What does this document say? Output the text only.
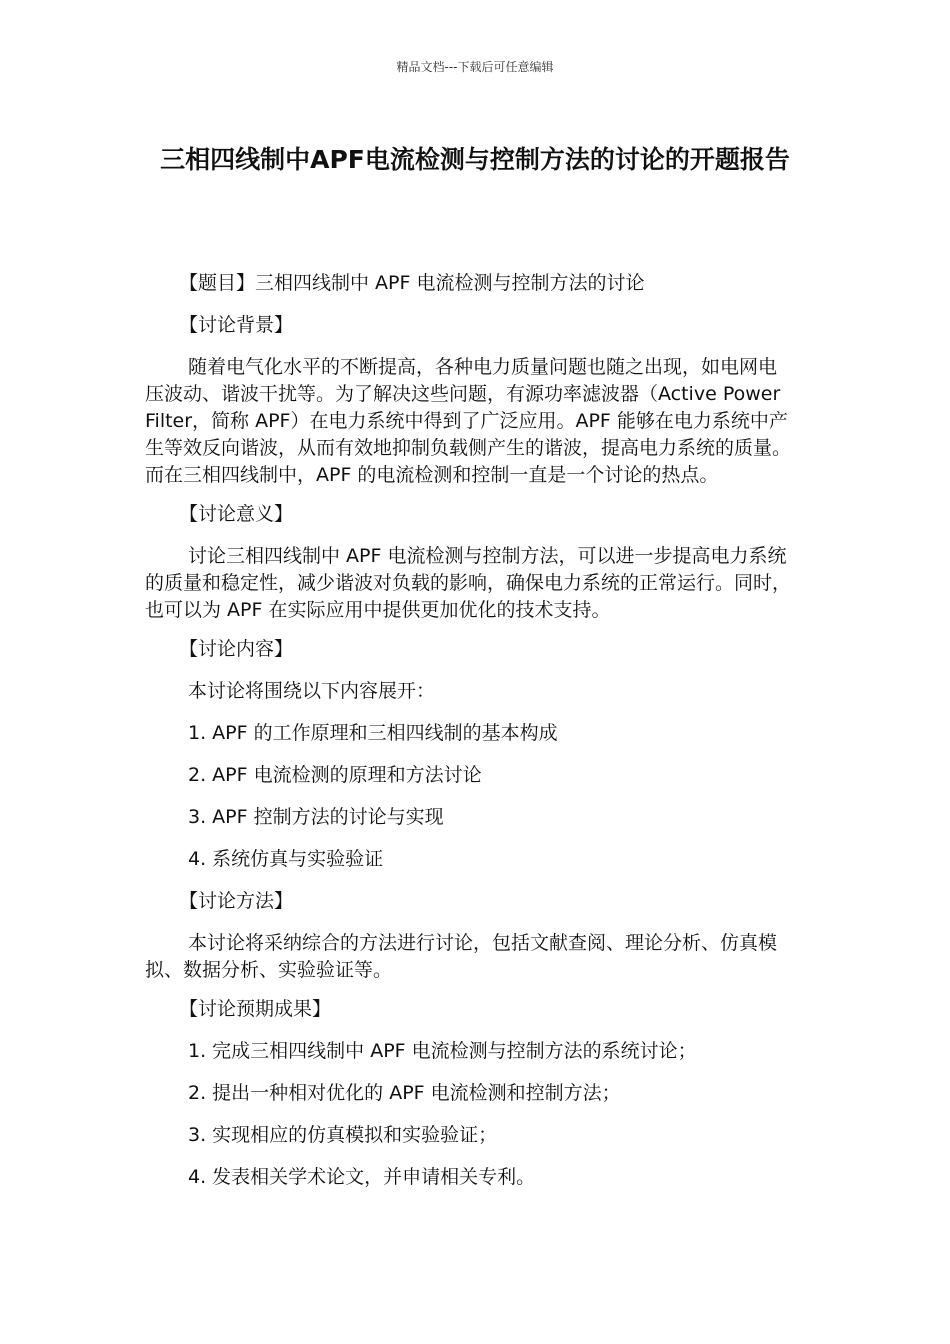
精品文档---下载后可任意编辑
三相四线制中APF电流检测与控制方法的讨论的开题报告

【题目】三相四线制中 APF 电流检测与控制方法的讨论

【讨论背景】

随着电气化水平的不断提高，各种电力质量问题也随之出现，如电网电压波动、谐波干扰等。为了解决这些问题，有源功率滤波器（Active Power Filter，简称 APF）在电力系统中得到了广泛应用。APF 能够在电力系统中产生等效反向谐波，从而有效地抑制负载侧产生的谐波，提高电力系统的质量。而在三相四线制中，APF 的电流检测和控制一直是一个讨论的热点。

【讨论意义】

讨论三相四线制中 APF 电流检测与控制方法，可以进一步提高电力系统的质量和稳定性，减少谐波对负载的影响，确保电力系统的正常运行。同时，也可以为 APF 在实际应用中提供更加优化的技术支持。

【讨论内容】

本讨论将围绕以下内容展开：

1. APF 的工作原理和三相四线制的基本构成

2. APF 电流检测的原理和方法讨论

3. APF 控制方法的讨论与实现

4. 系统仿真与实验验证

【讨论方法】

本讨论将采纳综合的方法进行讨论，包括文献查阅、理论分析、仿真模拟、数据分析、实验验证等。

【讨论预期成果】

1. 完成三相四线制中 APF 电流检测与控制方法的系统讨论；

2. 提出一种相对优化的 APF 电流检测和控制方法；

3. 实现相应的仿真模拟和实验验证；

4. 发表相关学术论文，并申请相关专利。
